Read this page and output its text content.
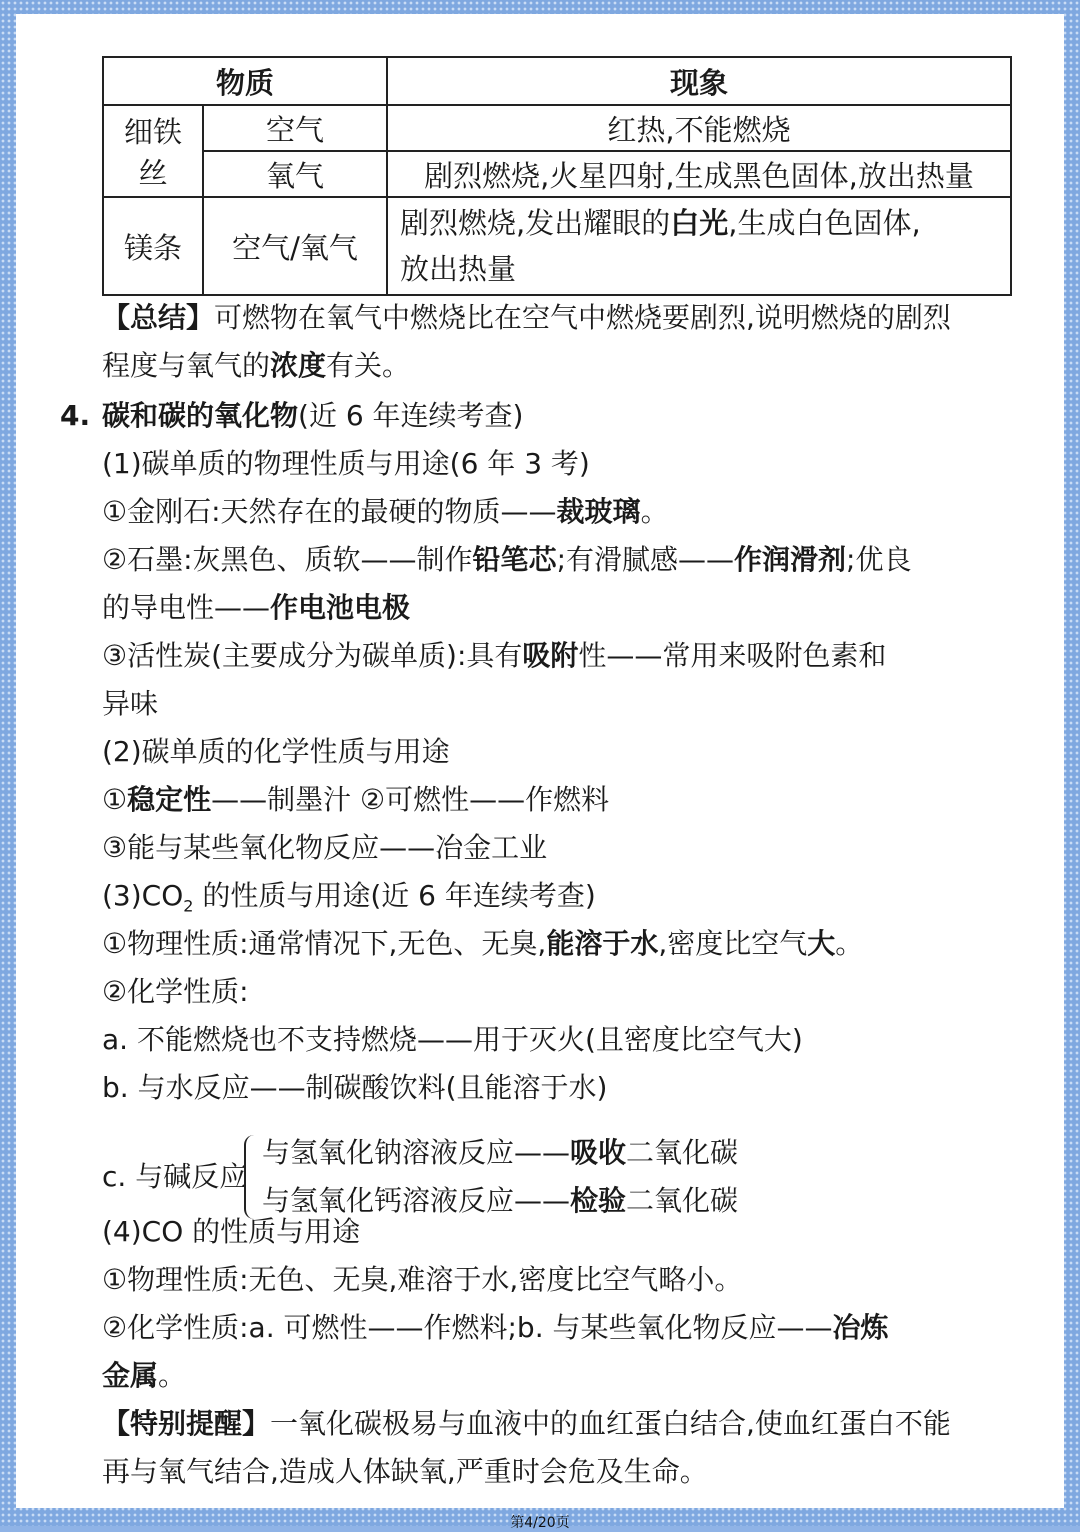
物质		现象
细铁丝	空气	红热,不能燃烧
	氧气	剧烈燃烧,火星四射,生成黑色固体,放出热量
镁条	空气/氧气	剧烈燃烧,发出耀眼的白光,生成白色固体,
放出热量
【总结】可燃物在氧气中燃烧比在空气中燃烧要剧烈,说明燃烧的剧烈
程度与氧气的浓度有关。
4. 碳和碳的氧化物(近 6 年连续考查)
(1)碳单质的物理性质与用途(6 年 3 考)
①金刚石:天然存在的最硬的物质——裁玻璃。
②石墨:灰黑色、质软——制作铅笔芯;有滑腻感——作润滑剂;优良
的导电性——作电池电极
③活性炭(主要成分为碳单质):具有吸附性——常用来吸附色素和
异味
(2)碳单质的化学性质与用途
①稳定性——制墨汁 ②可燃性——作燃料
③能与某些氧化物反应——冶金工业
$(3)CO_2$ 的性质与用途(近 6 年连续考查)
①物理性质:通常情况下,无色、无臭,能溶于水,密度比空气大。
②化学性质:
a. 不能燃烧也不支持燃烧——用于灭火(且密度比空气大)
b. 与水反应——制碳酸饮料(且能溶于水)
c. 与碱反应
与氢氧化钠溶液反应——吸收二氧化碳
与氢氧化钙溶液反应——检验二氧化碳
(4)CO 的性质与用途
①物理性质:无色、无臭,难溶于水,密度比空气略小。
②化学性质:a. 可燃性——作燃料;b. 与某些氧化物反应——冶炼
金属。
【特别提醒】一氧化碳极易与血液中的血红蛋白结合,使血红蛋白不能
再与氧气结合,造成人体缺氧,严重时会危及生命。
第4/20页
